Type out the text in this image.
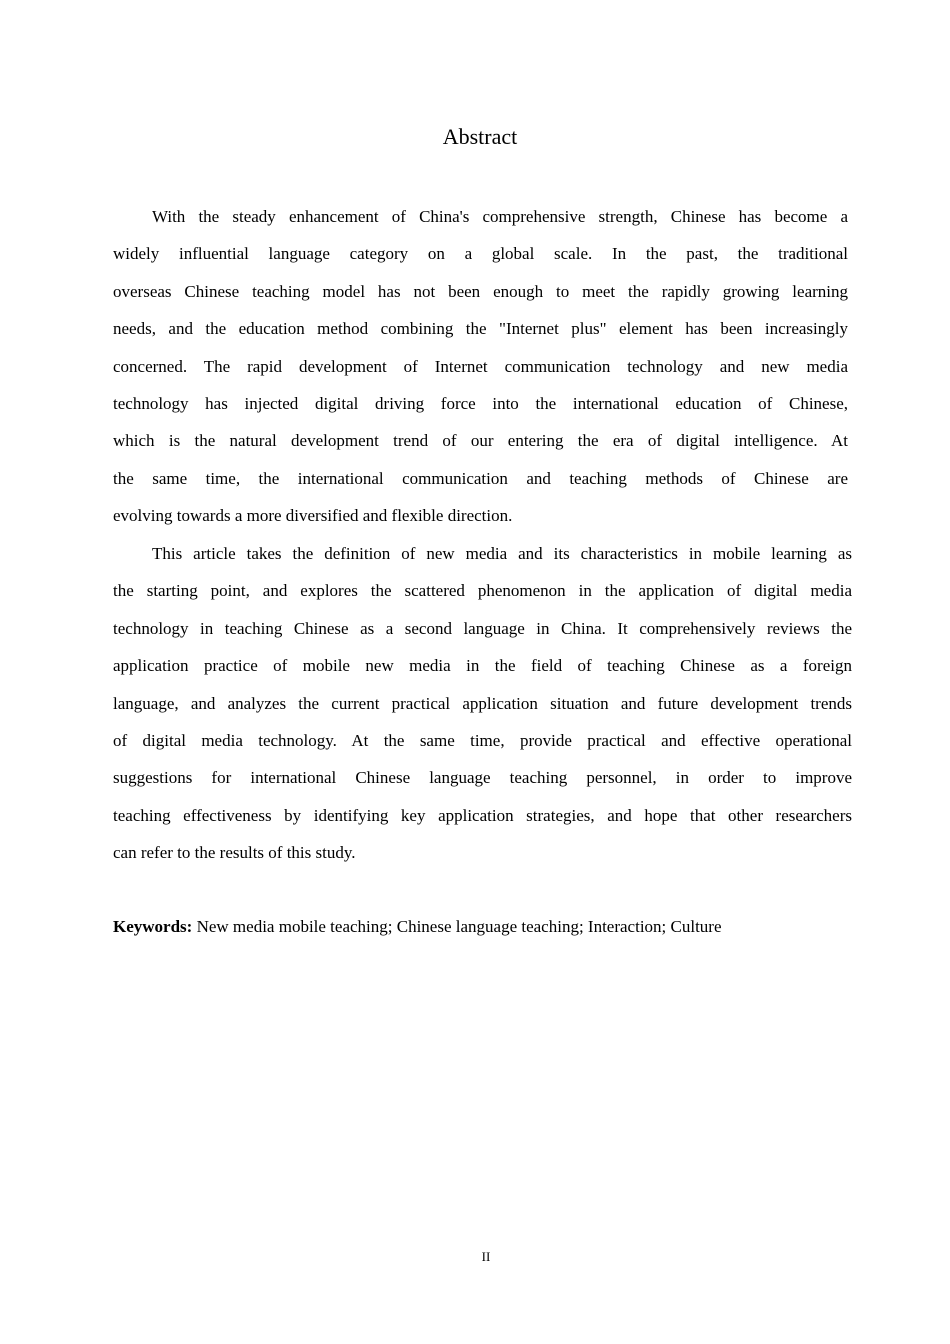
Abstract
With the steady enhancement of China's comprehensive strength, Chinese has become a
widely influential language category on a global scale. In the past, the traditional
overseas Chinese teaching model has not been enough to meet the rapidly growing learning
needs, and the education method combining the "Internet plus" element has been increasingly
concerned. The rapid development of Internet communication technology and new media
technology has injected digital driving force into the international education of Chinese,
which is the natural development trend of our entering the era of digital intelligence. At
the same time, the international communication and teaching methods of Chinese are
evolving towards a more diversified and flexible direction.
This article takes the definition of new media and its characteristics in mobile learning as
the starting point, and explores the scattered phenomenon in the application of digital media
technology in teaching Chinese as a second language in China. It comprehensively reviews the
application practice of mobile new media in the field of teaching Chinese as a foreign
language, and analyzes the current practical application situation and future development trends
of digital media technology. At the same time, provide practical and effective operational
suggestions for international Chinese language teaching personnel, in order to improve
teaching effectiveness by identifying key application strategies, and hope that other researchers
can refer to the results of this study.
Keywords: New media mobile teaching; Chinese language teaching; Interaction; Culture
II
